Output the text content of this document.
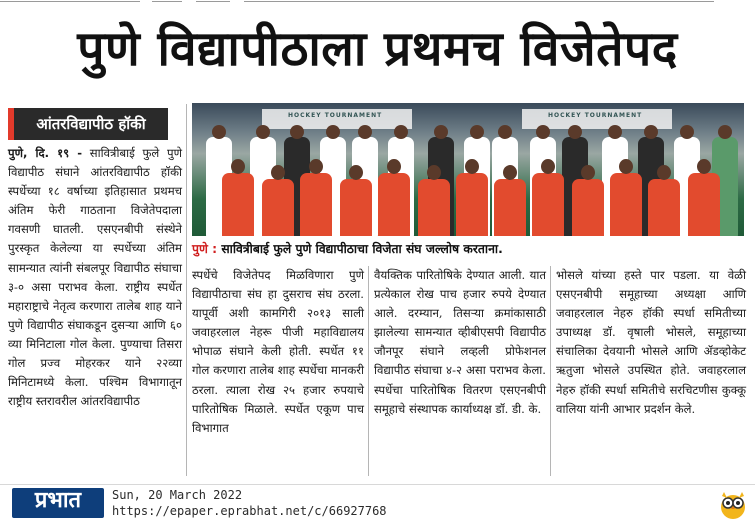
पुणे विद्यापीठाला प्रथमच विजेतेपद
आंतरविद्यापीठ हॉकी

पुणे, दि. १९ - सावित्रीबाई फुले पुणे विद्यापीठ संघाने आंतरविद्यापीठ हॉकी स्पर्धेच्या १८ वर्षाच्या इतिहासात प्रथमच अंतिम फेरी गाठताना विजेतेपदाला गवसणी घातली. एसएनबीपी संस्थेने पुरस्कृत केलेल्या या स्पर्धेच्या अंतिम सामन्यात त्यांनी संबलपूर विद्यापीठ संघाचा ३-० असा पराभव केला. राष्ट्रीय स्पर्धेत महाराष्ट्राचे नेतृत्व करणारा तालेब शाह याने पुणे विद्यापीठ संघाकडून दुसऱ्या आणि ६० व्या मिनिटाला गोल केला. पुण्याचा तिसरा गोल प्रज्व मोहरकर याने २२व्या मिनिटामध्ये केला. पश्चिम विभागातून राष्ट्रीय स्तरावरील आंतरविद्यापीठ

HOCKEY TOURNAMENT	HOCKEY TOURNAMENT
पुणे : सावित्रीबाई फुले पुणे विद्यापीठाचा विजेता संघ जल्लोष करताना.

स्पर्धेचे विजेतेपद मिळविणारा पुणे विद्यापीठाचा संघ हा दुसराच संघ ठरला. यापूर्वी अशी कामगिरी २०१३ साली जवाहरलाल नेहरू पीजी महाविद्यालय भोपाळ संघाने केली होती. स्पर्धेत ११ गोल करणारा तालेब शाह स्पर्धेचा मानकरी ठरला. त्याला रोख २५ हजार रुपयाचे पारितोषिक मिळाले. स्पर्धेत एकूण पाच विभागात

वैयक्तिक पारितोषिके देण्यात आली. यात प्रत्येकाल रोख पाच हजार रुपये देण्यात आले. दरम्यान, तिसऱ्या क्रमांकासाठी झालेल्या सामन्यात व्हीबीएसपी विद्यापीठ जौनपूर संघाने लव्हली प्रोफेशनल विद्यापीठ संघाचा ४-२ असा पराभव केला. स्पर्धेचा पारितोषिक वितरण एसएनबीपी समूहाचे संस्थापक कार्याध्यक्ष डॉ. डी. के.

भोसले यांच्या हस्ते पार पडला. या वेळी एसएनबीपी समूहाच्या अध्यक्षा आणि जवाहरलाल नेहरु हॉकी स्पर्धा समितीच्या उपाध्यक्ष डॉ. वृषाली भोसले, समूहाच्या संचालिका देवयानी भोसले आणि ॲडव्होकेट ऋतुजा भोसले उपस्थित होते. जवाहरलाल नेहरु हॉकी स्पर्धा समितीचे सरचिटणीस कुक्कू वालिया यांनी आभार प्रदर्शन केले.

प्रभात	Sun, 20 March 2022
https://epaper.eprabhat.net/c/66927768
